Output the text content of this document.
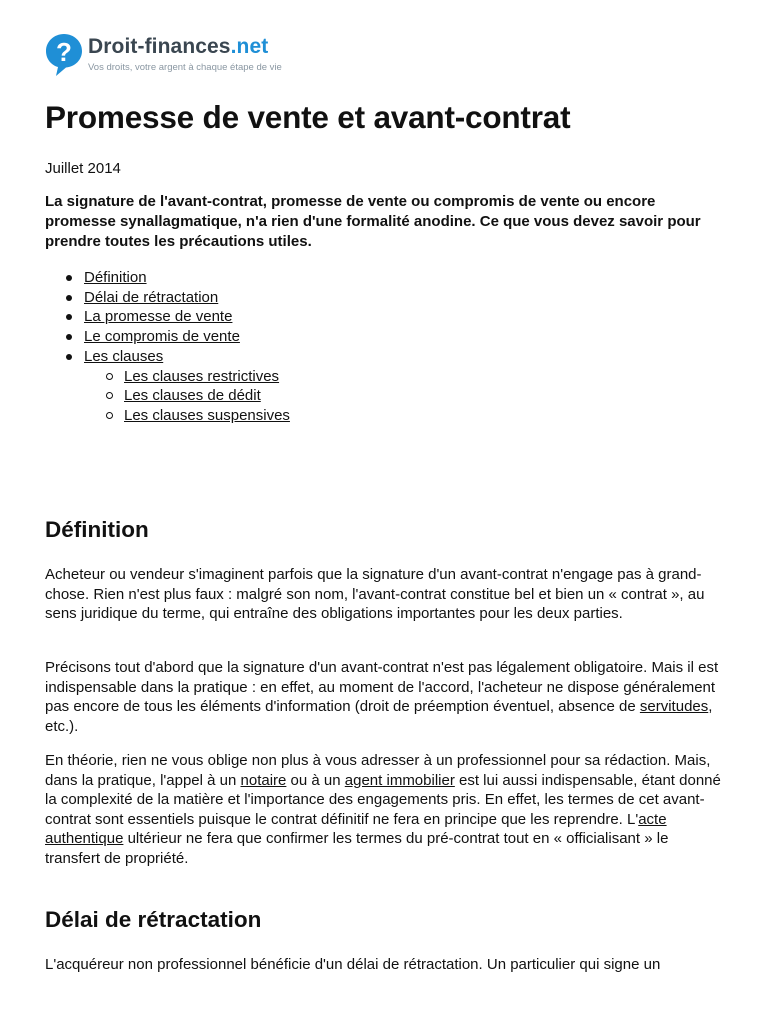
? Droit-finances.net
Vos droits, votre argent à chaque étape de vie
Promesse de vente et avant-contrat
Juillet 2014

La signature de l'avant-contrat, promesse de vente ou compromis de vente ou encore promesse synallagmatique, n'a rien d'une formalité anodine. Ce que vous devez savoir pour prendre toutes les précautions utiles.

Définition
Délai de rétractation
La promesse de vente
Le compromis de vente
Les clauses
Les clauses restrictives
Les clauses de dédit
Les clauses suspensives
Définition

Acheteur ou vendeur s'imaginent parfois que la signature d'un avant-contrat n'engage pas à grand-chose. Rien n'est plus faux : malgré son nom, l'avant-contrat constitue bel et bien un « contrat », au sens juridique du terme, qui entraîne des obligations importantes pour les deux parties.

Précisons tout d'abord que la signature d'un avant-contrat n'est pas légalement obligatoire. Mais il est indispensable dans la pratique : en effet, au moment de l'accord, l'acheteur ne dispose généralement pas encore de tous les éléments d'information (droit de préemption éventuel, absence de servitudes, etc.).

En théorie, rien ne vous oblige non plus à vous adresser à un professionnel pour sa rédaction. Mais, dans la pratique, l'appel à un notaire ou à un agent immobilier est lui aussi indispensable, étant donné la complexité de la matière et l'importance des engagements pris. En effet, les termes de cet avant-contrat sont essentiels puisque le contrat définitif ne fera en principe que les reprendre. L'acte authentique ultérieur ne fera que confirmer les termes du pré-contrat tout en « officialisant » le transfert de propriété.

Délai de rétractation

L'acquéreur non professionnel bénéficie d'un délai de rétractation. Un particulier qui signe un
